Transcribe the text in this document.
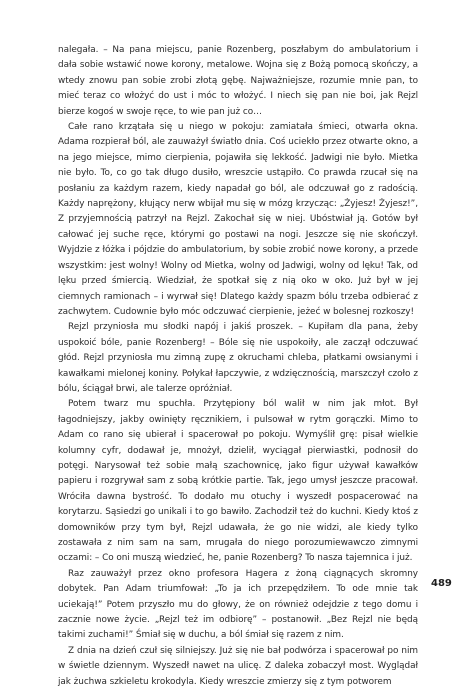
nalegała. – Na pana miejscu, panie Rozenberg, poszłabym do ambulatorium i dała sobie wstawić nowe korony, metalowe. Wojna się z Bożą pomocą skończy, a wtedy znowu pan sobie zrobi złotą gębę. Najważniejsze, rozumie mnie pan, to mieć teraz co włożyć do ust i móc to włożyć. I niech się pan nie boi, jak Rejzl bierze kogoś w swoje ręce, to wie pan już co…

Całe rano krzątała się u niego w pokoju: zamiatała śmieci, otwarła okna. Adama rozpierał ból, ale zauważył światło dnia. Coś uciekło przez otwarte okno, a na jego miejsce, mimo cierpienia, pojawiła się lekkość. Jadwigi nie było. Mietka nie było. To, co go tak długo dusiło, wreszcie ustąpiło. Co prawda rzucał się na posłaniu za każdym razem, kiedy napadał go ból, ale odczuwał go z radością. Każdy naprężony, kłujący nerw wbijał mu się w mózg krzycząc: „Żyjesz! Żyjesz!”, Z przyjemnością patrzył na Rejzl. Zakochał się w niej. Ubóstwiał ją. Gotów był całować jej suche ręce, którymi go postawi na nogi. Jeszcze się nie skończył. Wyjdzie z łóżka i pójdzie do ambulatorium, by sobie zrobić nowe korony, a przede wszystkim: jest wolny! Wolny od Mietka, wolny od Jadwigi, wolny od lęku! Tak, od lęku przed śmiercią. Wiedział, że spotkał się z nią oko w oko. Już był w jej ciemnych ramionach – i wyrwał się! Dlatego każdy spazm bólu trzeba odbierać z zachwytem. Cudownie było móc odczuwać cierpienie, jeżeć w bolesnej rozkoszy!

Rejzl przyniosła mu słodki napój i jakiś proszek. – Kupiłam dla pana, żeby uspokoić bóle, panie Rozenberg! – Bóle się nie uspokoiły, ale zaczął odczuwać głód. Rejzl przyniosła mu zimną zupę z okruchami chleba, płatkami owsianymi i kawałkami mielonej koniny. Połykał łapczywie, z wdzięcznością, marszczył czoło z bólu, ściągał brwi, ale talerze opróżniał.

Potem twarz mu spuchła. Przytępiony ból walił w nim jak młot. Był łagodniejszy, jakby owinięty ręcznikiem, i pulsował w rytm gorączki. Mimo to Adam co rano się ubierał i spacerował po pokoju. Wymyślił grę: pisał wielkie kolumny cyfr, dodawał je, mnożył, dzielił, wyciągał pierwiastki, podnosił do potęgi. Narysował też sobie małą szachownicę, jako figur używał kawałków papieru i rozgrywał sam z sobą krótkie partie. Tak, jego umysł jeszcze pracował. Wróciła dawna bystrość. To dodało mu otuchy i wyszedł pospacerować na korytarzu. Sąsiedzi go unikali i to go bawiło. Zachodził też do kuchni. Kiedy ktoś z domowników przy tym był, Rejzl udawała, że go nie widzi, ale kiedy tylko zostawała z nim sam na sam, mrugała do niego porozumiewawczo zimnymi oczami: – Co oni muszą wiedzieć, he, panie Rozenberg? To nasza tajemnica i już.

Raz zauważył przez okno profesora Hagera z żoną ciągnących skromny dobytek. Pan Adam triumfował: „To ja ich przepędziłem. To ode mnie tak uciekają!” Potem przyszło mu do głowy, że on również odejdzie z tego domu i zacznie nowe życie. „Rejzl też im odbiorę” – postanowił. „Bez Rejzl nie będą takimi zuchami!” Śmiał się w duchu, a ból śmiał się razem z nim.

Z dnia na dzień czuł się silniejszy. Już się nie bał podwórza i spacerował po nim w świetle dziennym. Wyszedł nawet na ulicę. Z daleka zobaczył most. Wyglądał jak żuchwa szkieletu krokodyla. Kiedy wreszcie zmierzy się z tym potworem

489
